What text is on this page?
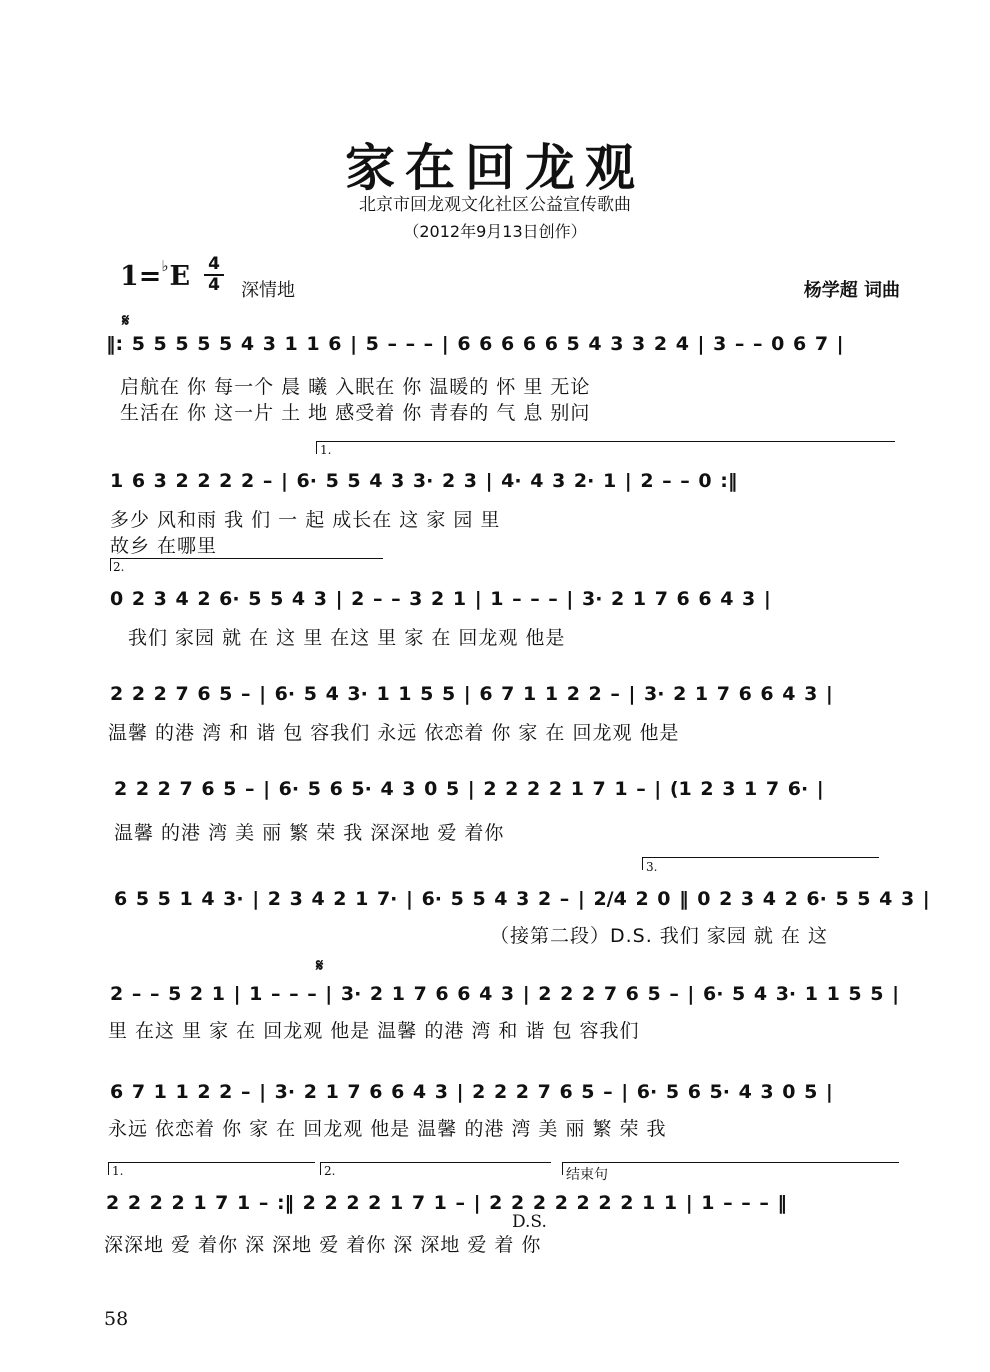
家在回龙观
北京市回龙观文化社区公益宣传歌曲
（2012年9月13日创作）
1=♭E 4
4 深情地	杨学超 词曲
𝄋
𝄋
‖: 5 5 5 5 5 4 3 1 1 6 | 5 – – – | 6 6 6 6 6 5 4 3 3 2 4 | 3 – – 0 6 7 |
启航在 你 每一个 晨 曦 入眠在 你 温暖的 怀 里 无论
生活在 你 这一片 土 地 感受着 你 青春的 气 息 别问
1.
1 6 3 2 2 2 2 – | 6· 5 5 4 3 3· 2 3 | 4· 4 3 2· 1 | 2 – – 0 :‖
多少 风和雨 我 们 一 起 成长在 这 家 园 里
故乡 在哪里
2.
0 2 3 4 2 6· 5 5 4 3 | 2 – – 3 2 1 | 1 – – – | 3· 2 1 7 6 6 4 3 |
我们 家园 就 在 这 里 在这 里 家 在 回龙观 他是
2 2 2 7 6 5 – | 6· 5 4 3· 1 1 5 5 | 6 7 1 1 2 2 – | 3· 2 1 7 6 6 4 3 |
温馨 的港 湾 和 谐 包 容我们 永远 依恋着 你 家 在 回龙观 他是
2 2 2 7 6 5 – | 6· 5 6 5· 4 3 0 5 | 2 2 2 2 1 7 1 – | (1 2 3 1 7 6· |
温馨 的港 湾 美 丽 繁 荣 我 深深地 爱 着你
3.
6 5 5 1 4 3· | 2 3 4 2 1 7· | 6· 5 5 4 3 2 – | 2/4 2 0 ‖ 0 2 3 4 2 6· 5 5 4 3 |
（接第二段）D.S. 我们 家园 就 在 这
2 – – 5 2 1 | 1 – – – | 3· 2 1 7 6 6 4 3 | 2 2 2 7 6 5 – | 6· 5 4 3· 1 1 5 5 |
里 在这 里 家 在 回龙观 他是 温馨 的港 湾 和 谐 包 容我们
6 7 1 1 2 2 – | 3· 2 1 7 6 6 4 3 | 2 2 2 7 6 5 – | 6· 5 6 5· 4 3 0 5 |
永远 依恋着 你 家 在 回龙观 他是 温馨 的港 湾 美 丽 繁 荣 我
1.	2.	结束句
2 2 2 2 1 7 1 – :‖ 2 2 2 2 1 7 1 – | 2 2 2 2 2 2 2 1 1 | 1 – – – ‖
D.S.
深深地 爱 着你 深 深地 爱 着你 深 深地 爱 着 你
58
